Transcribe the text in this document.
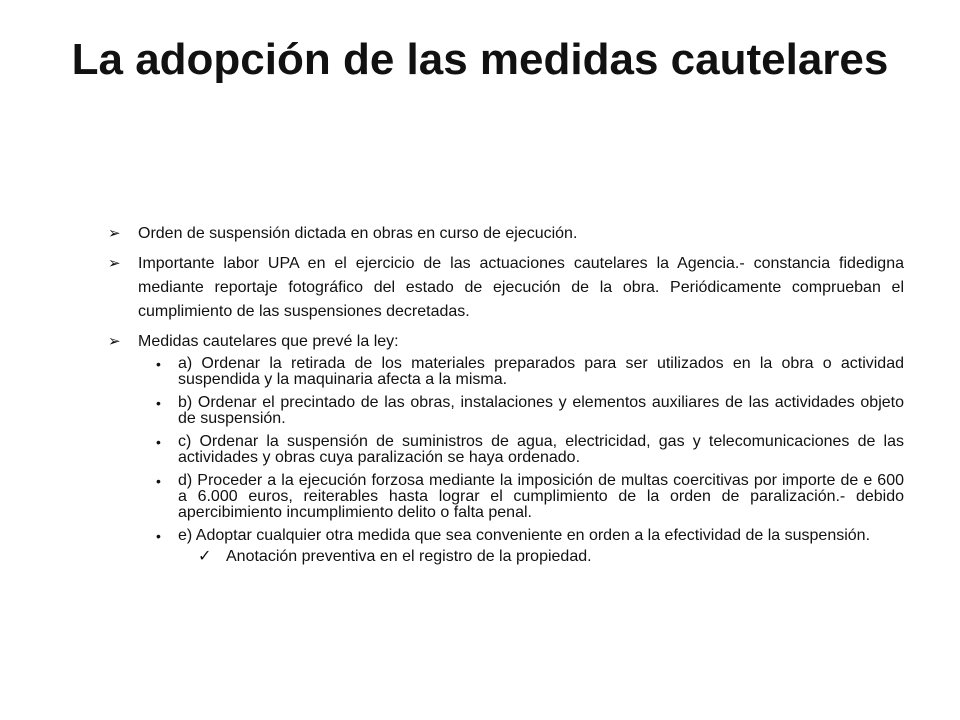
La adopción de las medidas cautelares
➢ Orden de suspensión dictada en obras en curso de ejecución.
➢ Importante labor UPA en el ejercicio de las actuaciones cautelares la Agencia.- constancia fidedigna mediante reportaje fotográfico del estado de ejecución de la obra. Periódicamente comprueban el cumplimiento de las suspensiones decretadas.
➢ Medidas cautelares que prevé la ley:
• a) Ordenar la retirada de los materiales preparados para ser utilizados en la obra o actividad suspendida y la maquinaria afecta a la misma.
• b) Ordenar el precintado de las obras, instalaciones y elementos auxiliares de las actividades objeto de suspensión.
• c) Ordenar la suspensión de suministros de agua, electricidad, gas y telecomunicaciones de las actividades y obras cuya paralización se haya ordenado.
• d) Proceder a la ejecución forzosa mediante la imposición de multas coercitivas por importe de e 600 a 6.000 euros, reiterables hasta lograr el cumplimiento de la orden de paralización.- debido apercibimiento incumplimiento delito o falta penal.
• e) Adoptar cualquier otra medida que sea conveniente en orden a la efectividad de la suspensión.
✓ Anotación preventiva en el registro de la propiedad.
